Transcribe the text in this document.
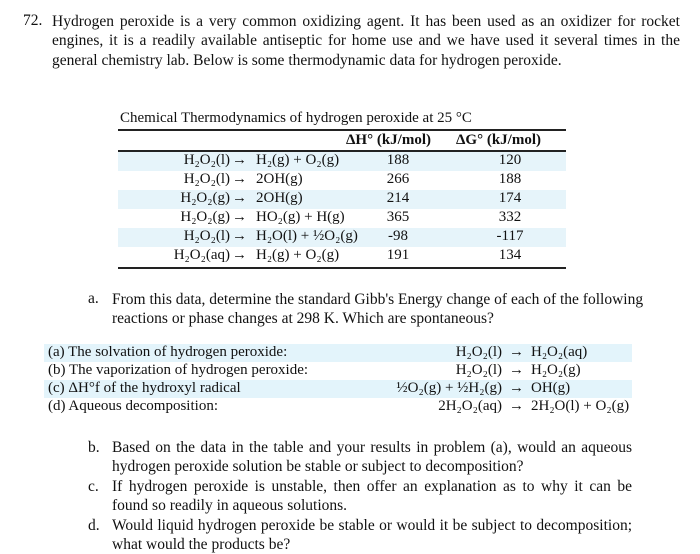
72. Hydrogen peroxide is a very common oxidizing agent. It has been used as an oxidizer for rocket engines, it is a readily available antiseptic for home use and we have used it several times in the general chemistry lab. Below is some thermodynamic data for hydrogen peroxide.
Chemical Thermodynamics of hydrogen peroxide at 25 °C
ΔH° (kJ/mol) ΔG° (kJ/mol)
H₂O₂(l) → H₂(g) + O₂(g)	188	120
H₂O₂(l) → 2OH(g)	266	188
H₂O₂(g) → 2OH(g)	214	174
H₂O₂(g) → HO₂(g) + H(g)	365	332
H₂O₂(l) → H₂O(l) + ½O₂(g)	-98	-117
H₂O₂(aq) → H₂(g) + O₂(g)	191	134
a. From this data, determine the standard Gibb's Energy change of each of the following reactions or phase changes at 298 K. Which are spontaneous?
(a) The solvation of hydrogen peroxide:	H₂O₂(l) → H₂O₂(aq)
(b) The vaporization of hydrogen peroxide:	H₂O₂(l) → H₂O₂(g)
(c) ΔH°f of the hydroxyl radical	½O₂(g) + ½H₂(g) → OH(g)
(d) Aqueous decomposition:	2H₂O₂(aq) → 2H₂O(l) + O₂(g)
b. Based on the data in the table and your results in problem (a), would an aqueous hydrogen peroxide solution be stable or subject to decomposition?
c. If hydrogen peroxide is unstable, then offer an explanation as to why it can be found so readily in aqueous solutions.
d. Would liquid hydrogen peroxide be stable or would it be subject to decomposition; what would the products be?
